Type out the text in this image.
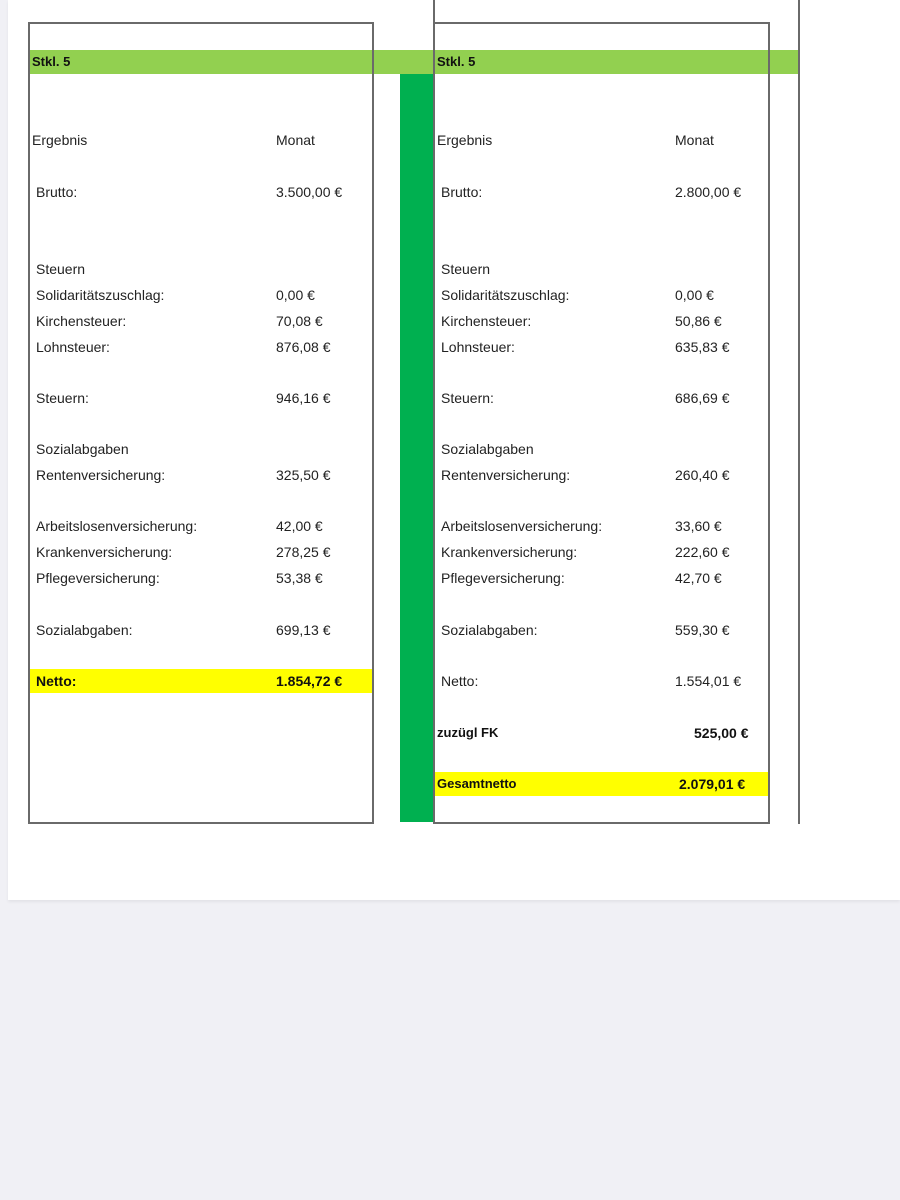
Stkl. 5	Stkl. 5
Ergebnis	Monat
Brutto:	3.500,00 €
Steuern
Solidaritätszuschlag:	0,00 €
Kirchensteuer:	70,08 €
Lohnsteuer:	876,08 €
Steuern:	946,16 €
Sozialabgaben
Rentenversicherung:	325,50 €
Arbeitslosenversicherung:	42,00 €
Krankenversicherung:	278,25 €
Pflegeversicherung:	53,38 €
Sozialabgaben:	699,13 €
Netto:	1.854,72 €
Ergebnis	Monat
Brutto:	2.800,00 €
Steuern
Solidaritätszuschlag:	0,00 €
Kirchensteuer:	50,86 €
Lohnsteuer:	635,83 €
Steuern:	686,69 €
Sozialabgaben
Rentenversicherung:	260,40 €
Arbeitslosenversicherung:	33,60 €
Krankenversicherung:	222,60 €
Pflegeversicherung:	42,70 €
Sozialabgaben:	559,30 €
Netto:	1.554,01 €
zuzügl FK	525,00 €
Gesamtnetto	2.079,01 €
